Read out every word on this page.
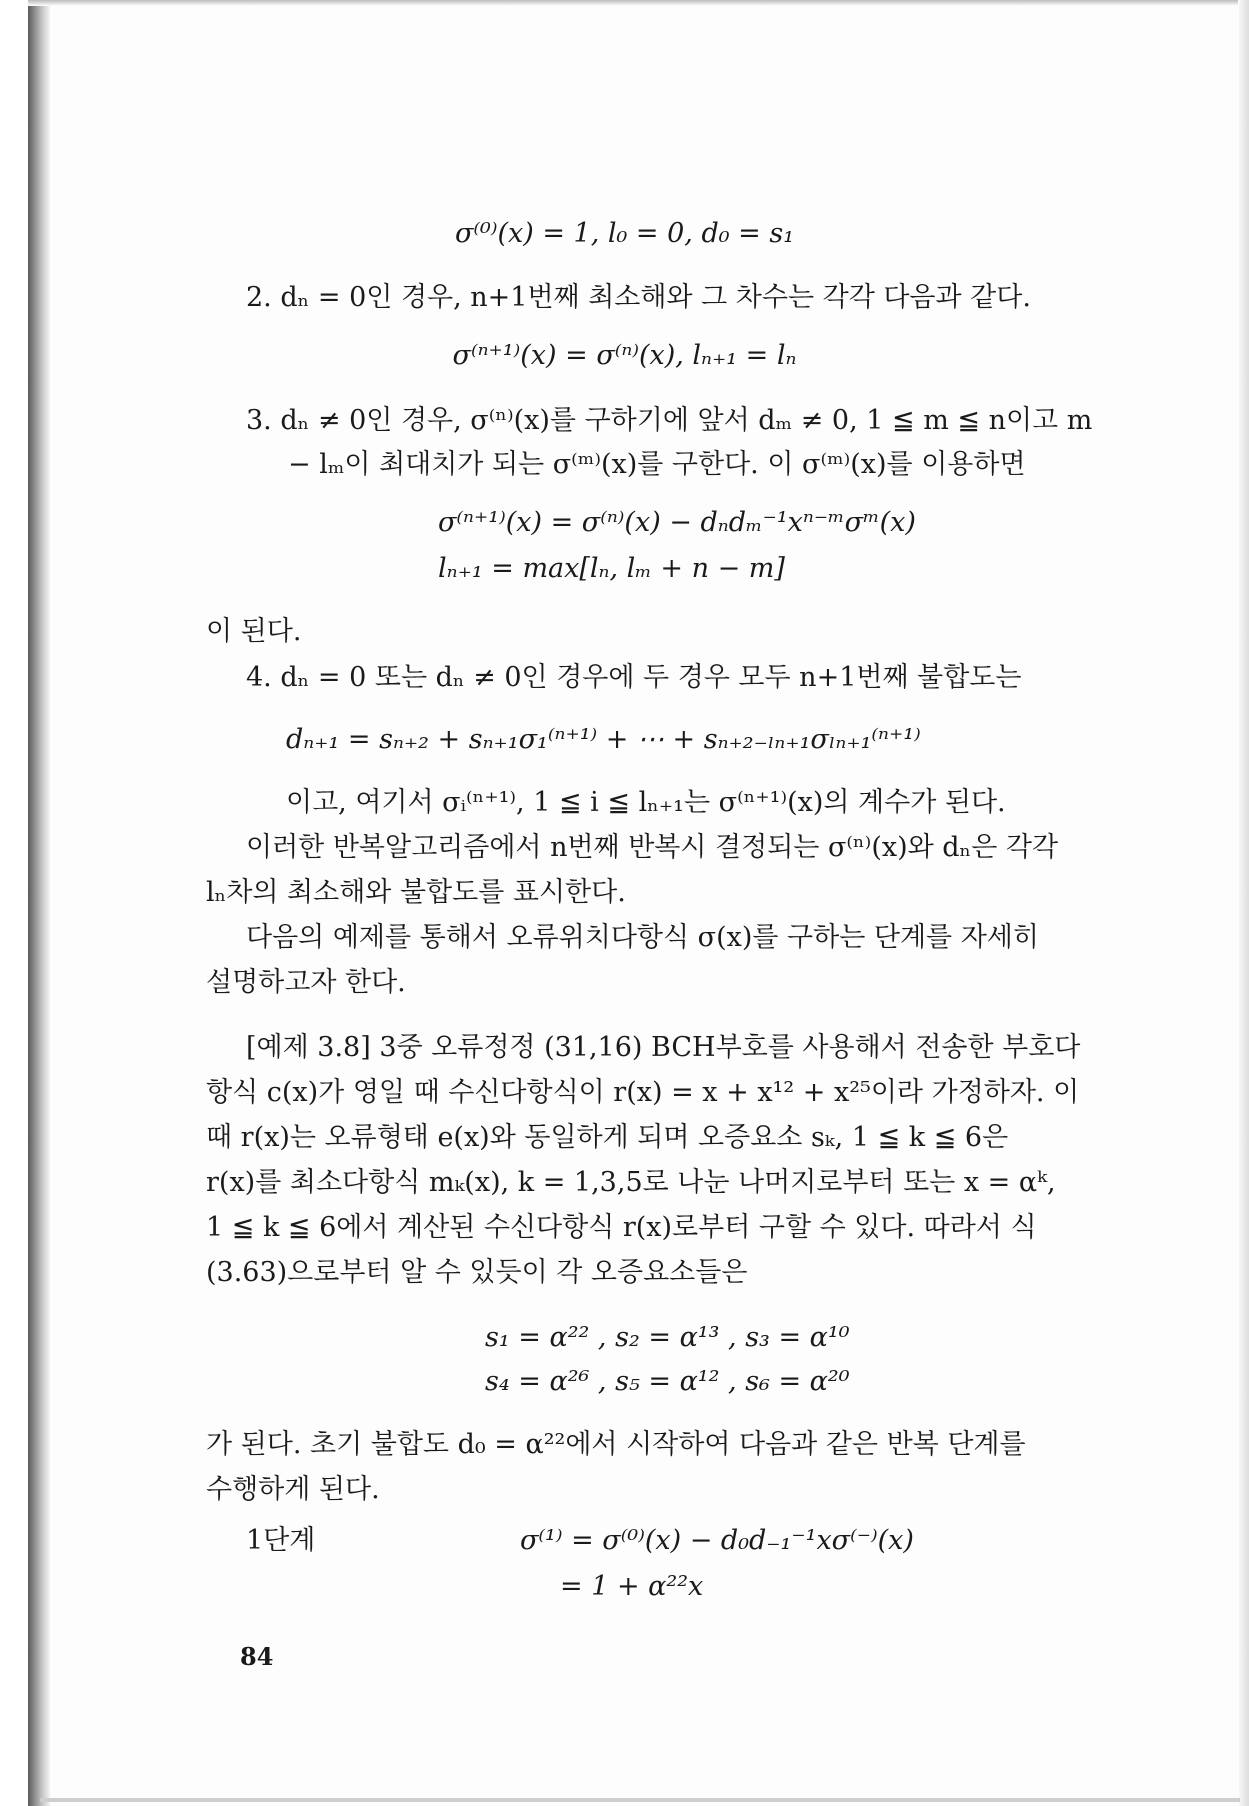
σ⁽⁰⁾(x) = 1, l₀ = 0, d₀ = s₁
2. dₙ = 0인 경우, n+1번째 최소해와 그 차수는 각각 다음과 같다.
σ⁽ⁿ⁺¹⁾(x) = σ⁽ⁿ⁾(x), lₙ₊₁ = lₙ
3. dₙ ≠ 0인 경우, σ⁽ⁿ⁾(x)를 구하기에 앞서 dₘ ≠ 0, 1 ≦ m ≦ n이고 m
− lₘ이 최대치가 되는 σ⁽ᵐ⁾(x)를 구한다. 이 σ⁽ᵐ⁾(x)를 이용하면
σ⁽ⁿ⁺¹⁾(x) = σ⁽ⁿ⁾(x) − dₙdₘ⁻¹xⁿ⁻ᵐσᵐ(x)
lₙ₊₁ = max[lₙ, lₘ + n − m]
이 된다.
4. dₙ = 0 또는 dₙ ≠ 0인 경우에 두 경우 모두 n+1번째 불합도는
dₙ₊₁ = sₙ₊₂ + sₙ₊₁σ₁⁽ⁿ⁺¹⁾ + ⋯ + sₙ₊₂₋ₗₙ₊₁σₗₙ₊₁⁽ⁿ⁺¹⁾
이고, 여기서 σᵢ⁽ⁿ⁺¹⁾, 1 ≦ i ≦ lₙ₊₁는 σ⁽ⁿ⁺¹⁾(x)의 계수가 된다.
이러한 반복알고리즘에서 n번째 반복시 결정되는 σ⁽ⁿ⁾(x)와 dₙ은 각각
lₙ차의 최소해와 불합도를 표시한다.
다음의 예제를 통해서 오류위치다항식 σ(x)를 구하는 단계를 자세히
설명하고자 한다.
[예제 3.8] 3중 오류정정 (31,16) BCH부호를 사용해서 전송한 부호다
항식 c(x)가 영일 때 수신다항식이 r(x) = x + x¹² + x²⁵이라 가정하자. 이
때 r(x)는 오류형태 e(x)와 동일하게 되며 오증요소 sₖ, 1 ≦ k ≦ 6은
r(x)를 최소다항식 mₖ(x), k = 1,3,5로 나눈 나머지로부터 또는 x = αᵏ,
1 ≦ k ≦ 6에서 계산된 수신다항식 r(x)로부터 구할 수 있다. 따라서 식
(3.63)으로부터 알 수 있듯이 각 오증요소들은
s₁ = α²² , s₂ = α¹³ , s₃ = α¹⁰
s₄ = α²⁶ , s₅ = α¹² , s₆ = α²⁰
가 된다. 초기 불합도 d₀ = α²²에서 시작하여 다음과 같은 반복 단계를
수행하게 된다.
1단계	σ⁽¹⁾ = σ⁽⁰⁾(x) − d₀d₋₁⁻¹xσ⁽⁻⁾(x)
= 1 + α²²x
84
